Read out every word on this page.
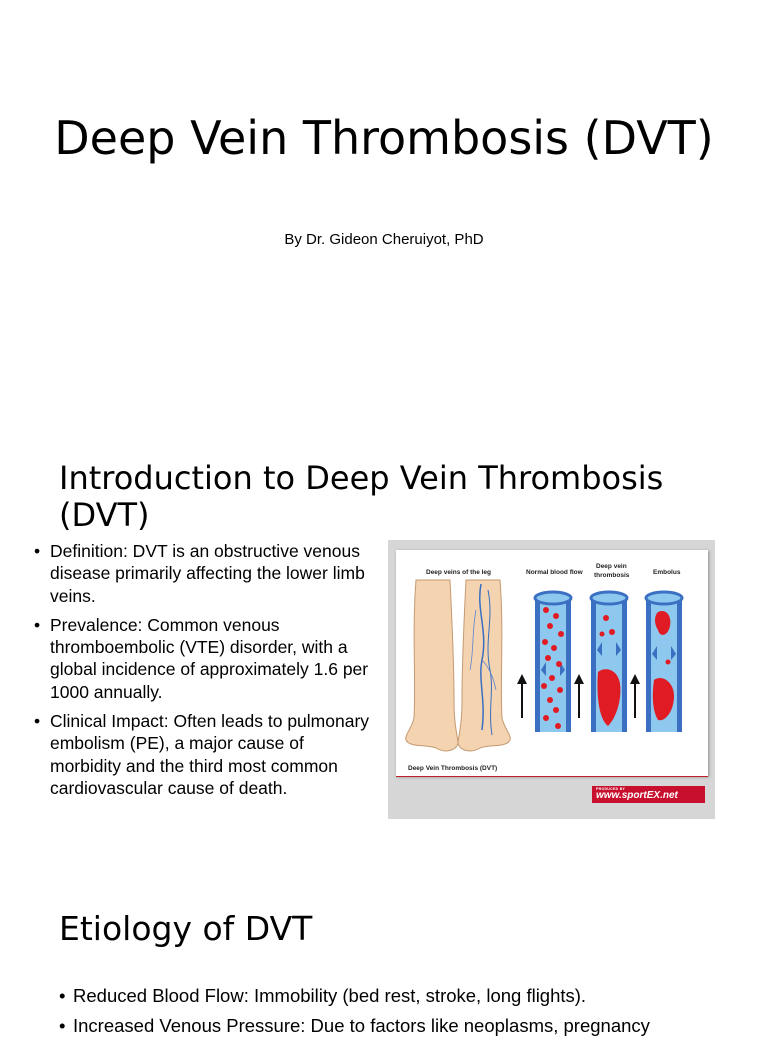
Deep Vein Thrombosis (DVT)
By Dr. Gideon Cheruiyot, PhD
Introduction to Deep Vein Thrombosis (DVT)
• Definition: DVT is an obstructive venous disease primarily affecting the lower limb veins.
• Prevalence: Common venous thromboembolic (VTE) disorder, with a global incidence of approximately 1.6 per 1000 annually.
• Clinical Impact: Often leads to pulmonary embolism (PE), a major cause of morbidity and the third most common cardiovascular cause of death.
Deep veins of the leg	Normal blood flow
Deep vein
thrombosis	Embolus
Deep Vein Thrombosis (DVT)
PRODUCED BY
www.sportEX.net
Etiology of DVT
• Reduced Blood Flow: Immobility (bed rest, stroke, long flights).
• Increased Venous Pressure: Due to factors like neoplasms, pregnancy
